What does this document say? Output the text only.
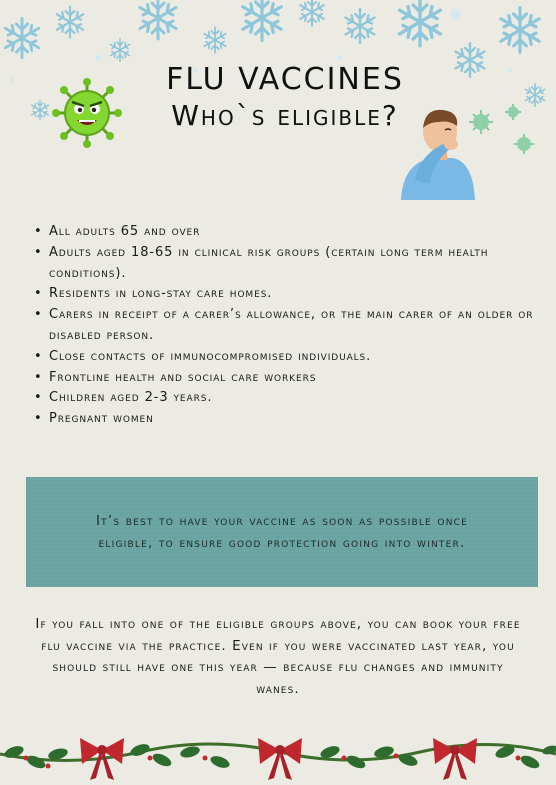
FLU VACCINES
Who`s eligible?
• All adults 65 and over
• Adults aged 18-65 in clinical risk groups (certain long term health conditions).
• Residents in long-stay care homes.
• Carers in receipt of a carer’s allowance, or the main carer of an older or disabled person.
• Close contacts of immunocompromised individuals.
• Frontline health and social care workers
• Children aged 2-3 years.
• Pregnant women

It’s best to have your vaccine as soon as possible once eligible, to ensure good protection going into winter.

If you fall into one of the eligible groups above, you can book your free flu vaccine via the practice. Even if you were vaccinated last year, you should still have one this year — because flu changes and immunity wanes.
